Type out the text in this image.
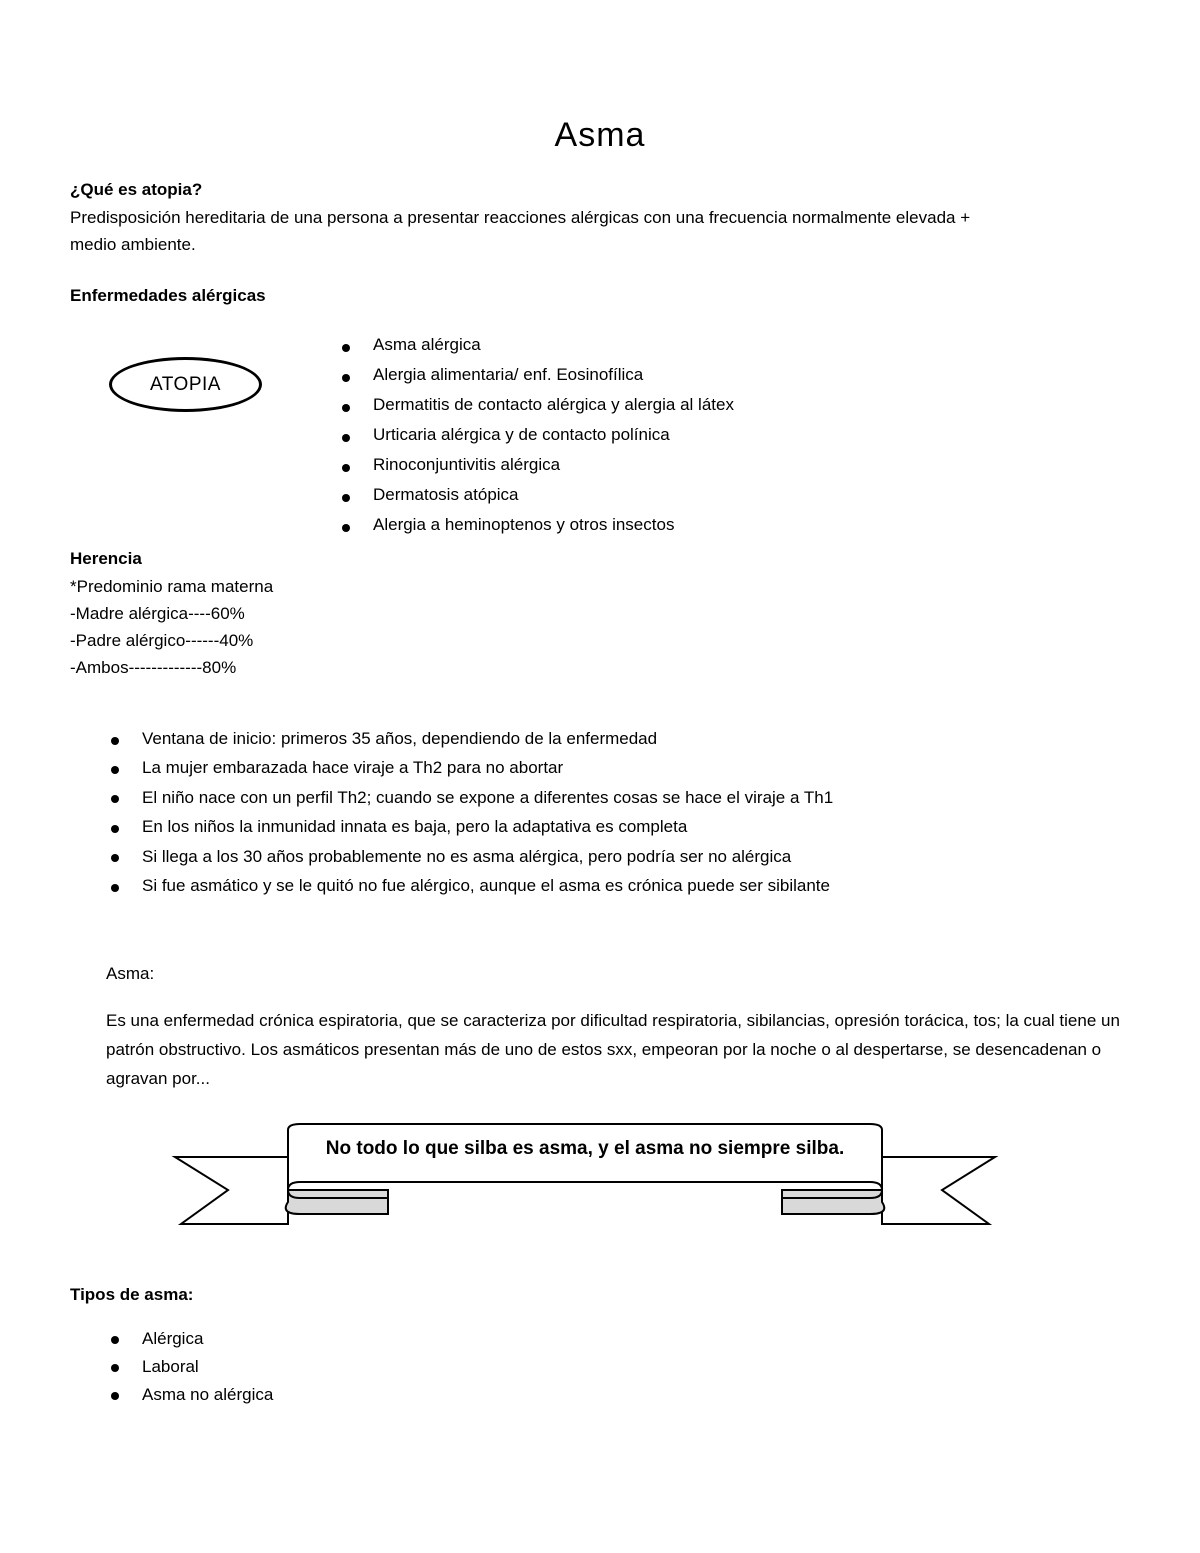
Asma
¿Qué es atopia?
Predisposición hereditaria de una persona a presentar reacciones alérgicas con una frecuencia normalmente elevada +
medio ambiente.
Enfermedades alérgicas
ATOPIA
Asma alérgica
Alergia alimentaria/ enf. Eosinofílica
Dermatitis de contacto alérgica y alergia al látex
Urticaria alérgica y de contacto polínica
Rinoconjuntivitis alérgica
Dermatosis atópica
Alergia a heminoptenos y otros insectos
Herencia
*Predominio rama materna
-Madre alérgica----60%
-Padre alérgico------40%
-Ambos-------------80%
Ventana de inicio: primeros 35 años, dependiendo de la enfermedad
La mujer embarazada hace viraje a Th2 para no abortar
El niño nace con un perfil Th2; cuando se expone a diferentes cosas se hace el viraje a Th1
En los niños la inmunidad innata es baja, pero la adaptativa es completa
Si llega a los 30 años probablemente no es asma alérgica, pero podría ser no alérgica
Si fue asmático y se le quitó no fue alérgico, aunque el asma es crónica puede ser sibilante
Asma:
Es una enfermedad crónica espiratoria, que se caracteriza por dificultad respiratoria, sibilancias, opresión torácica, tos; la cual tiene un patrón obstructivo. Los asmáticos presentan más de uno de estos sxx, empeoran por la noche o al despertarse, se desencadenan o agravan por...
No todo lo que silba es asma, y el asma no siempre silba.
Tipos de asma:
Alérgica
Laboral
Asma no alérgica
